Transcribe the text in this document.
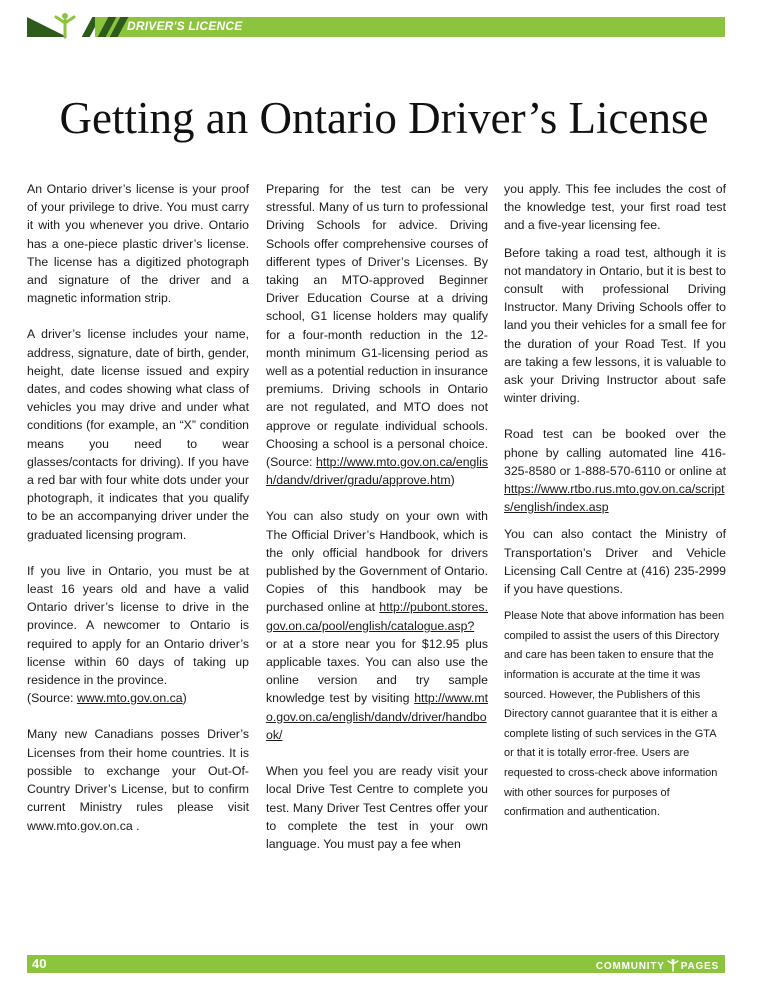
DRIVER'S LICENCE
Getting an Ontario Driver’s License

An Ontario driver’s license is your proof of your privilege to drive. You must carry it with you whenever you drive. Ontario has a one-piece plastic driver’s license. The license has a digitized photograph and signature of the driver and a magnetic information strip.

A driver’s license includes your name, address, signature, date of birth, gender, height, date license issued and expiry dates, and codes showing what class of vehicles you may drive and under what conditions (for example, an “X” condition means you need to wear glasses/contacts for driving). If you have a red bar with four white dots under your photograph, it indicates that you qualify to be an accompanying driver under the graduated licensing program.

If you live in Ontario, you must be at least 16 years old and have a valid Ontario driver’s license to drive in the province. A newcomer to Ontario is required to apply for an Ontario driver’s license within 60 days of taking up residence in the province.

(Source: www.mto.gov.on.ca)

Many new Canadians posses Driver’s Licenses from their home countries. It is possible to exchange your Out-Of-Country Driver’s License, but to confirm current Ministry rules please visit www.mto.gov.on.ca .

Preparing for the test can be very stressful. Many of us turn to professional Driving Schools for advice. Driving Schools offer comprehensive courses of different types of Driver’s Licenses. By taking an MTO-approved Beginner Driver Education Course at a driving school, G1 license holders may qualify for a four-month reduction in the 12-month minimum G1-licensing period as well as a potential reduction in insurance premiums. Driving schools in Ontario are not regulated, and MTO does not approve or regulate individual schools. Choosing a school is a personal choice. (Source: http://www.mto.gov.on.ca/english/dandv/driver/gradu/approve.htm)

You can also study on your own with The Official Driver’s Handbook, which is the only official handbook for drivers published by the Government of Ontario. Copies of this handbook may be purchased online at http://pubont.stores.gov.on.ca/pool/english/catalogue.asp? or at a store near you for $12.95 plus applicable taxes. You can also use the online version and try sample knowledge test by visiting http://www.mto.gov.on.ca/english/dandv/driver/handbook/

When you feel you are ready visit your local Drive Test Centre to complete you test. Many Driver Test Centres offer your to complete the test in your own language. You must pay a fee when

you apply. This fee includes the cost of the knowledge test, your first road test and a five-year licensing fee.

Before taking a road test, although it is not mandatory in Ontario, but it is best to consult with professional Driving Instructor. Many Driving Schools offer to land you their vehicles for a small fee for the duration of your Road Test. If you are taking a few lessons, it is valuable to ask your Driving Instructor about safe winter driving.

Road test can be booked over the phone by calling automated line 416-325-8580 or 1-888-570-6110 or online at https://www.rtbo.rus.mto.gov.on.ca/scripts/english/index.asp

You can also contact the Ministry of Transportation’s Driver and Vehicle Licensing Call Centre at (416) 235-2999 if you have questions.

Please Note that above information has been compiled to assist the users of this Directory and care has been taken to ensure that the information is accurate at the time it was sourced. However, the Publishers of this Directory cannot guarantee that it is either a complete listing of such services in the GTA or that it is totally error-free. Users are requested to cross-check above information with other sources for purposes of confirmation and authentication.

40	COMMUNITY PAGES
